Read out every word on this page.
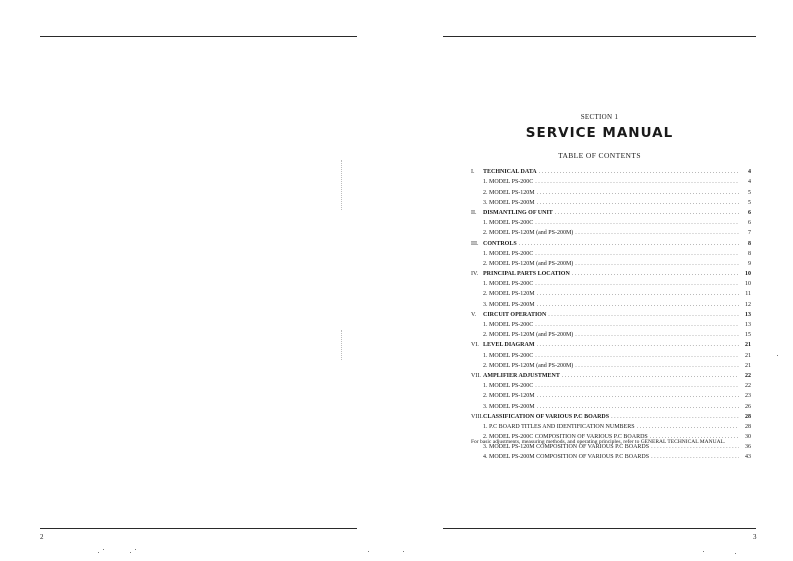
2
SECTION 1
SERVICE MANUAL
TABLE OF CONTENTS
I.	TECHNICAL DATA . . .	4
1. MODEL PS-200C . . .	4
2. MODEL PS-120M . . .	5
3. MODEL PS-200M . . .	5
II.	DISMANTLING OF UNIT . . .	6
1. MODEL PS-200C . . .	6
2. MODEL PS-120M (and PS-200M) . . .	7
III. CONTROLS . . .	8
1. MODEL PS-200C . . .	8
2. MODEL PS-120M (and PS-200M) . . .	9
IV. PRINCIPAL PARTS LOCATION . . .	10
1. MODEL PS-200C . . .	10
2. MODEL PS-120M . . .	11
3. MODEL PS-200M . . .	12
V.	CIRCUIT OPERATION . . .	13
1. MODEL PS-200C . . .	13
2. MODEL PS-120M (and PS-200M) . . .	15
VI. LEVEL DIAGRAM . . .	21
1. MODEL PS-200C . . .	21
2. MODEL PS-120M (and PS-200M) . . .	21
VII. AMPLIFIER ADJUSTMENT . . .	22
1. MODEL PS-200C . . .	22
2. MODEL PS-120M . . .	23
3. MODEL PS-200M . . .	26
VIII. CLASSIFICATION OF VARIOUS P.C BOARDS . . .	28
1. P.C BOARD TITLES AND IDENTIFICATION NUMBERS . . .	28
2. MODEL PS-200C COMPOSITION OF VARIOUS P.C BOARDS . . .	30
3. MODEL PS-120M COMPOSITION OF VARIOUS P.C BOARDS . . .	36
4. MODEL PS-200M COMPOSITION OF VARIOUS P.C BOARDS . . .	43
For basic adjustments, measuring methods, and operating principles, refer to GENERAL TECHNICAL MANUAL.
3
